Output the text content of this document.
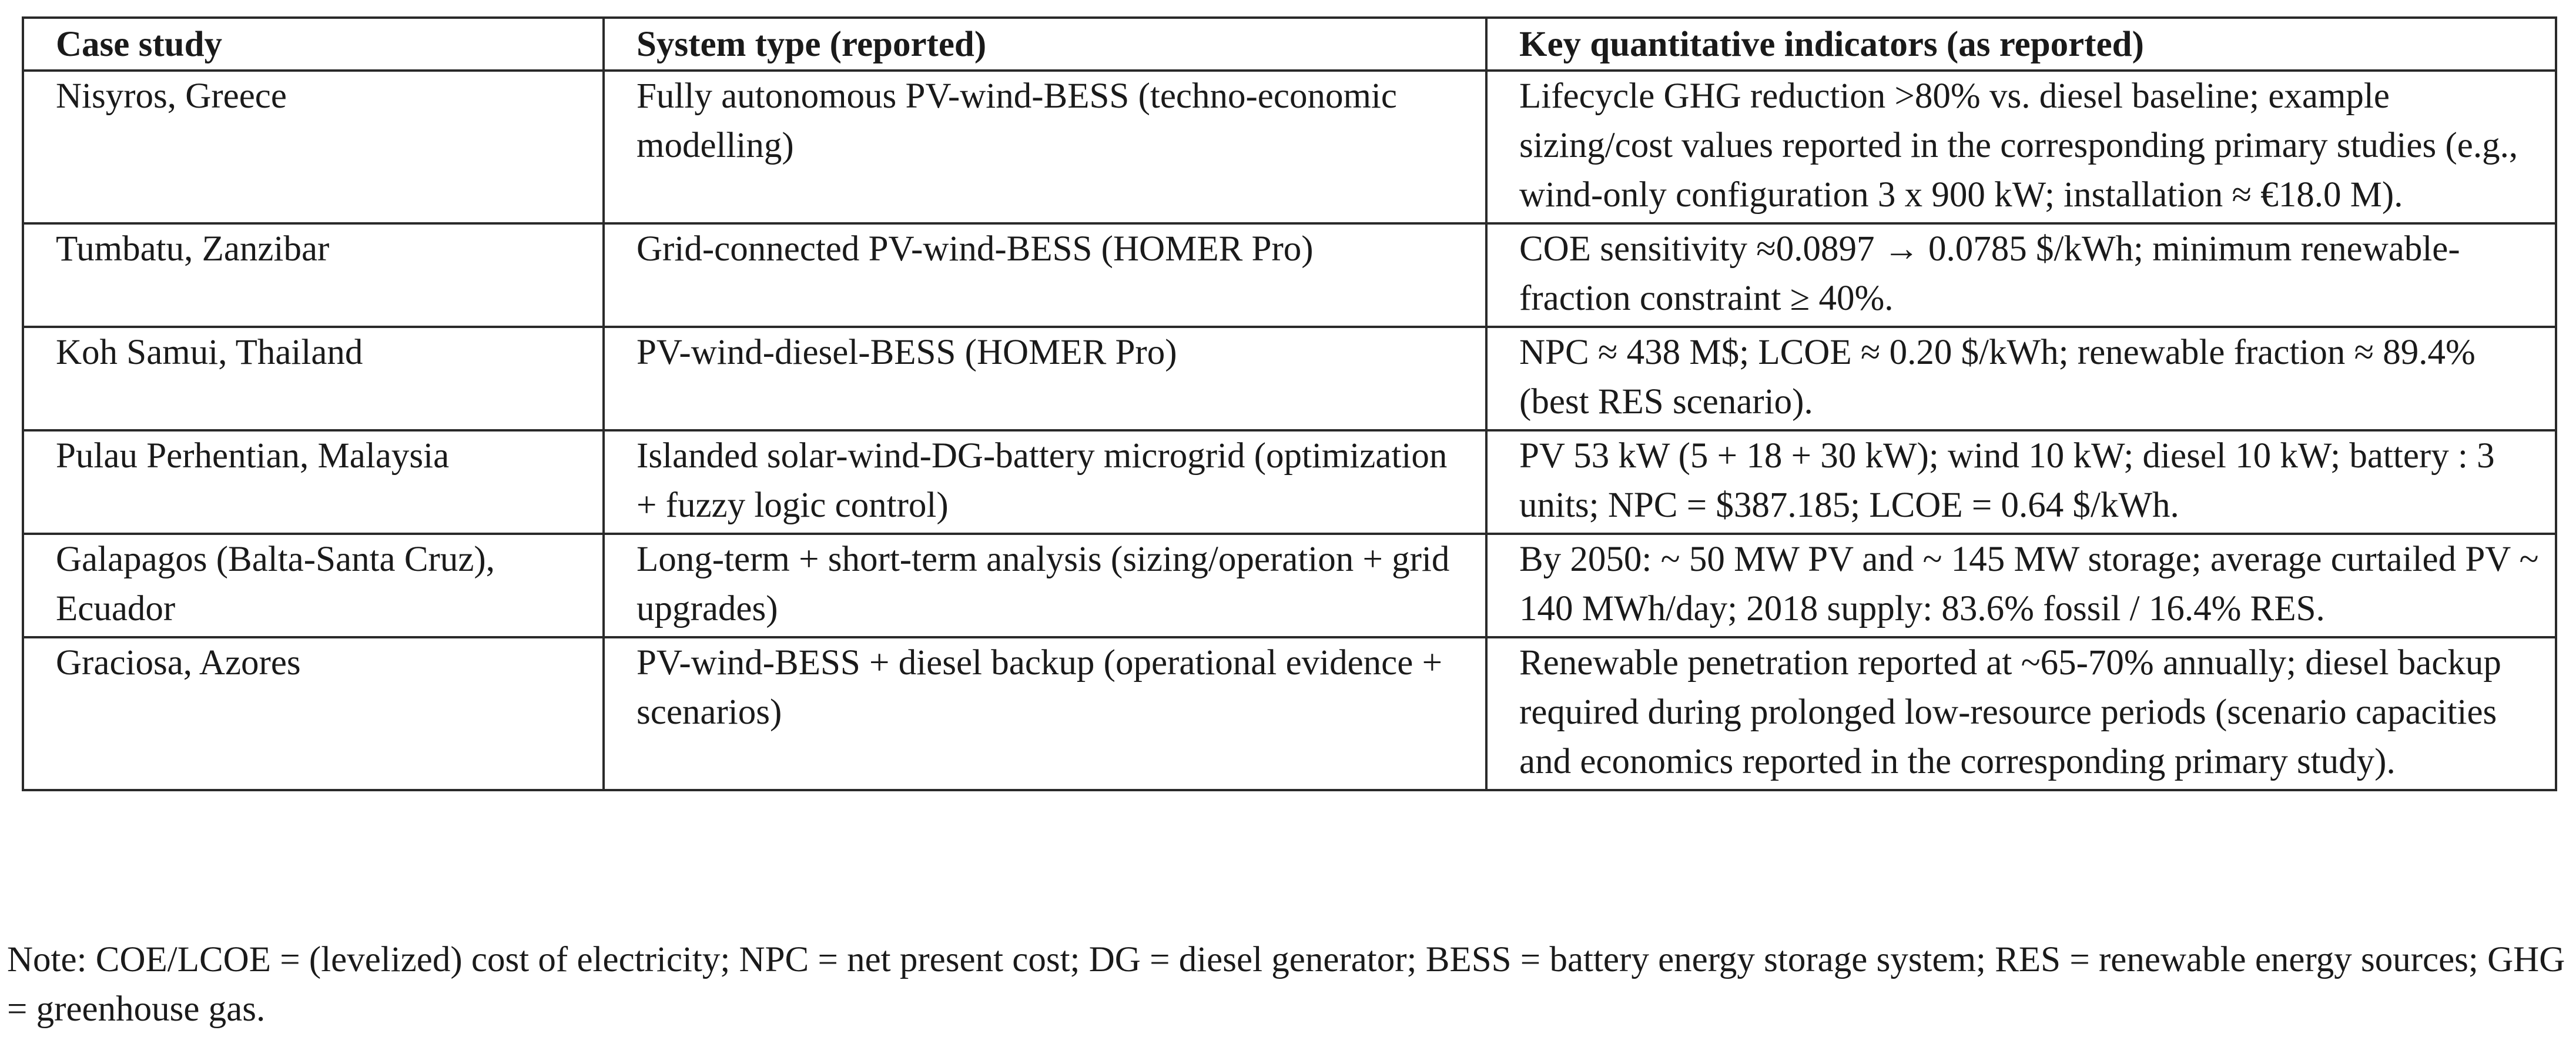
Case study	System type (reported)	Key quantitative indicators (as reported)
Nisyros, Greece	Fully autonomous PV-wind-BESS (techno-economic modelling)	Lifecycle GHG reduction >80% vs. diesel baseline; example sizing/cost values reported in the corresponding primary studies (e.g., wind-only configuration 3 x 900 kW; installation ≈ €18.0 M).
Tumbatu, Zanzibar	Grid-connected PV-wind-BESS (HOMER Pro)	COE sensitivity ≈0.0897 → 0.0785 $/kWh; minimum renewable-fraction constraint ≥ 40%.
Koh Samui, Thailand	PV-wind-diesel-BESS (HOMER Pro)	NPC ≈ 438 M$; LCOE ≈ 0.20 $/kWh; renewable fraction ≈ 89.4% (best RES scenario).
Pulau Perhentian, Malaysia	Islanded solar-wind-DG-battery microgrid (optimization + fuzzy logic control)	PV 53 kW (5 + 18 + 30 kW); wind 10 kW; diesel 10 kW; battery : 3 units; NPC = $387.185; LCOE = 0.64 $/kWh.
Galapagos (Balta-Santa Cruz), Ecuador	Long-term + short-term analysis (sizing/operation + grid upgrades)	By 2050: ~ 50 MW PV and ~ 145 MW storage; average curtailed PV ~ 140 MWh/day; 2018 supply: 83.6% fossil / 16.4% RES.
Graciosa, Azores	PV-wind-BESS + diesel backup (operational evidence + scenarios)	Renewable penetration reported at ~65-70% annually; diesel backup required during prolonged low-resource periods (scenario capacities and economics reported in the corresponding primary study).

Note: COE/LCOE = (levelized) cost of electricity; NPC = net present cost; DG = diesel generator; BESS = battery energy storage system; RES = renewable energy sources; GHG = greenhouse gas.
